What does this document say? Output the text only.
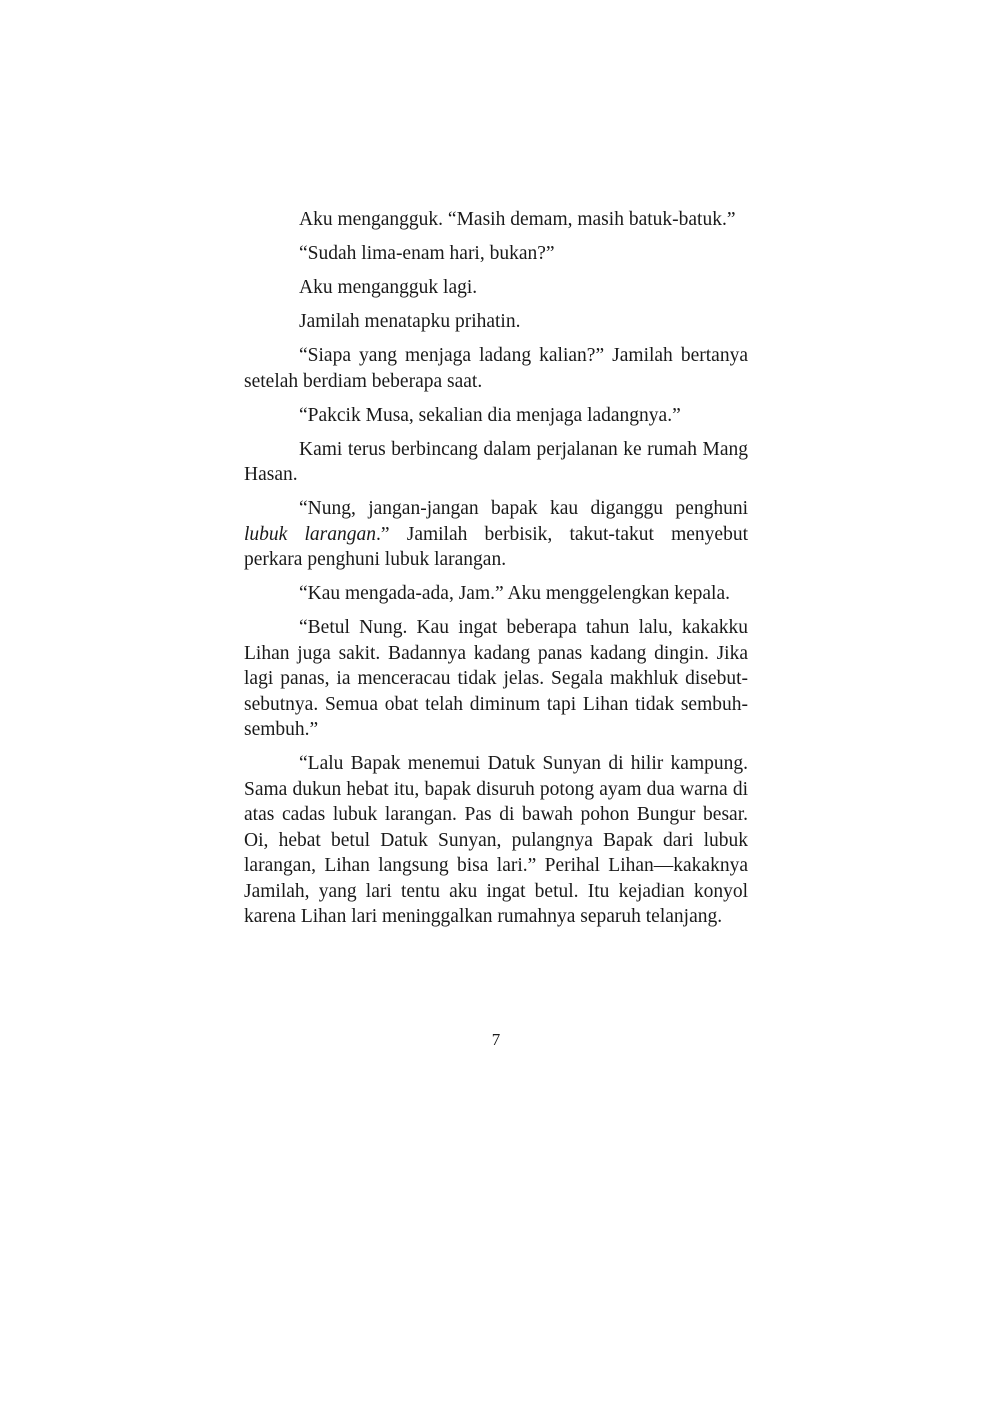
Aku mengangguk. “Masih demam, masih batuk-batuk.”

“Sudah lima-enam hari, bukan?”

Aku mengangguk lagi.

Jamilah menatapku prihatin.

“Siapa yang menjaga ladang kalian?” Jamilah bertanya setelah berdiam beberapa saat.

“Pakcik Musa, sekalian dia menjaga ladangnya.”

Kami terus berbincang dalam perjalanan ke rumah Mang Hasan.

“Nung, jangan-jangan bapak kau diganggu penghuni lubuk larangan.” Jamilah berbisik, takut-takut menyebut perkara penghuni lubuk larangan.

“Kau mengada-ada, Jam.” Aku menggelengkan kepala.

“Betul Nung. Kau ingat beberapa tahun lalu, kakakku Lihan juga sakit. Badannya kadang panas kadang dingin. Jika lagi panas, ia menceracau tidak jelas. Segala makhluk disebut-sebutnya. Semua obat telah diminum tapi Lihan tidak sembuh-sembuh.”

“Lalu Bapak menemui Datuk Sunyan di hilir kampung. Sama dukun hebat itu, bapak disuruh potong ayam dua warna di atas cadas lubuk larangan. Pas di bawah pohon Bungur besar. Oi, hebat betul Datuk Sunyan, pulangnya Bapak dari lubuk larangan, Lihan langsung bisa lari.” Perihal Lihan—kakaknya Jamilah, yang lari tentu aku ingat betul. Itu kejadian konyol karena Lihan lari meninggalkan rumahnya separuh telanjang.

7
